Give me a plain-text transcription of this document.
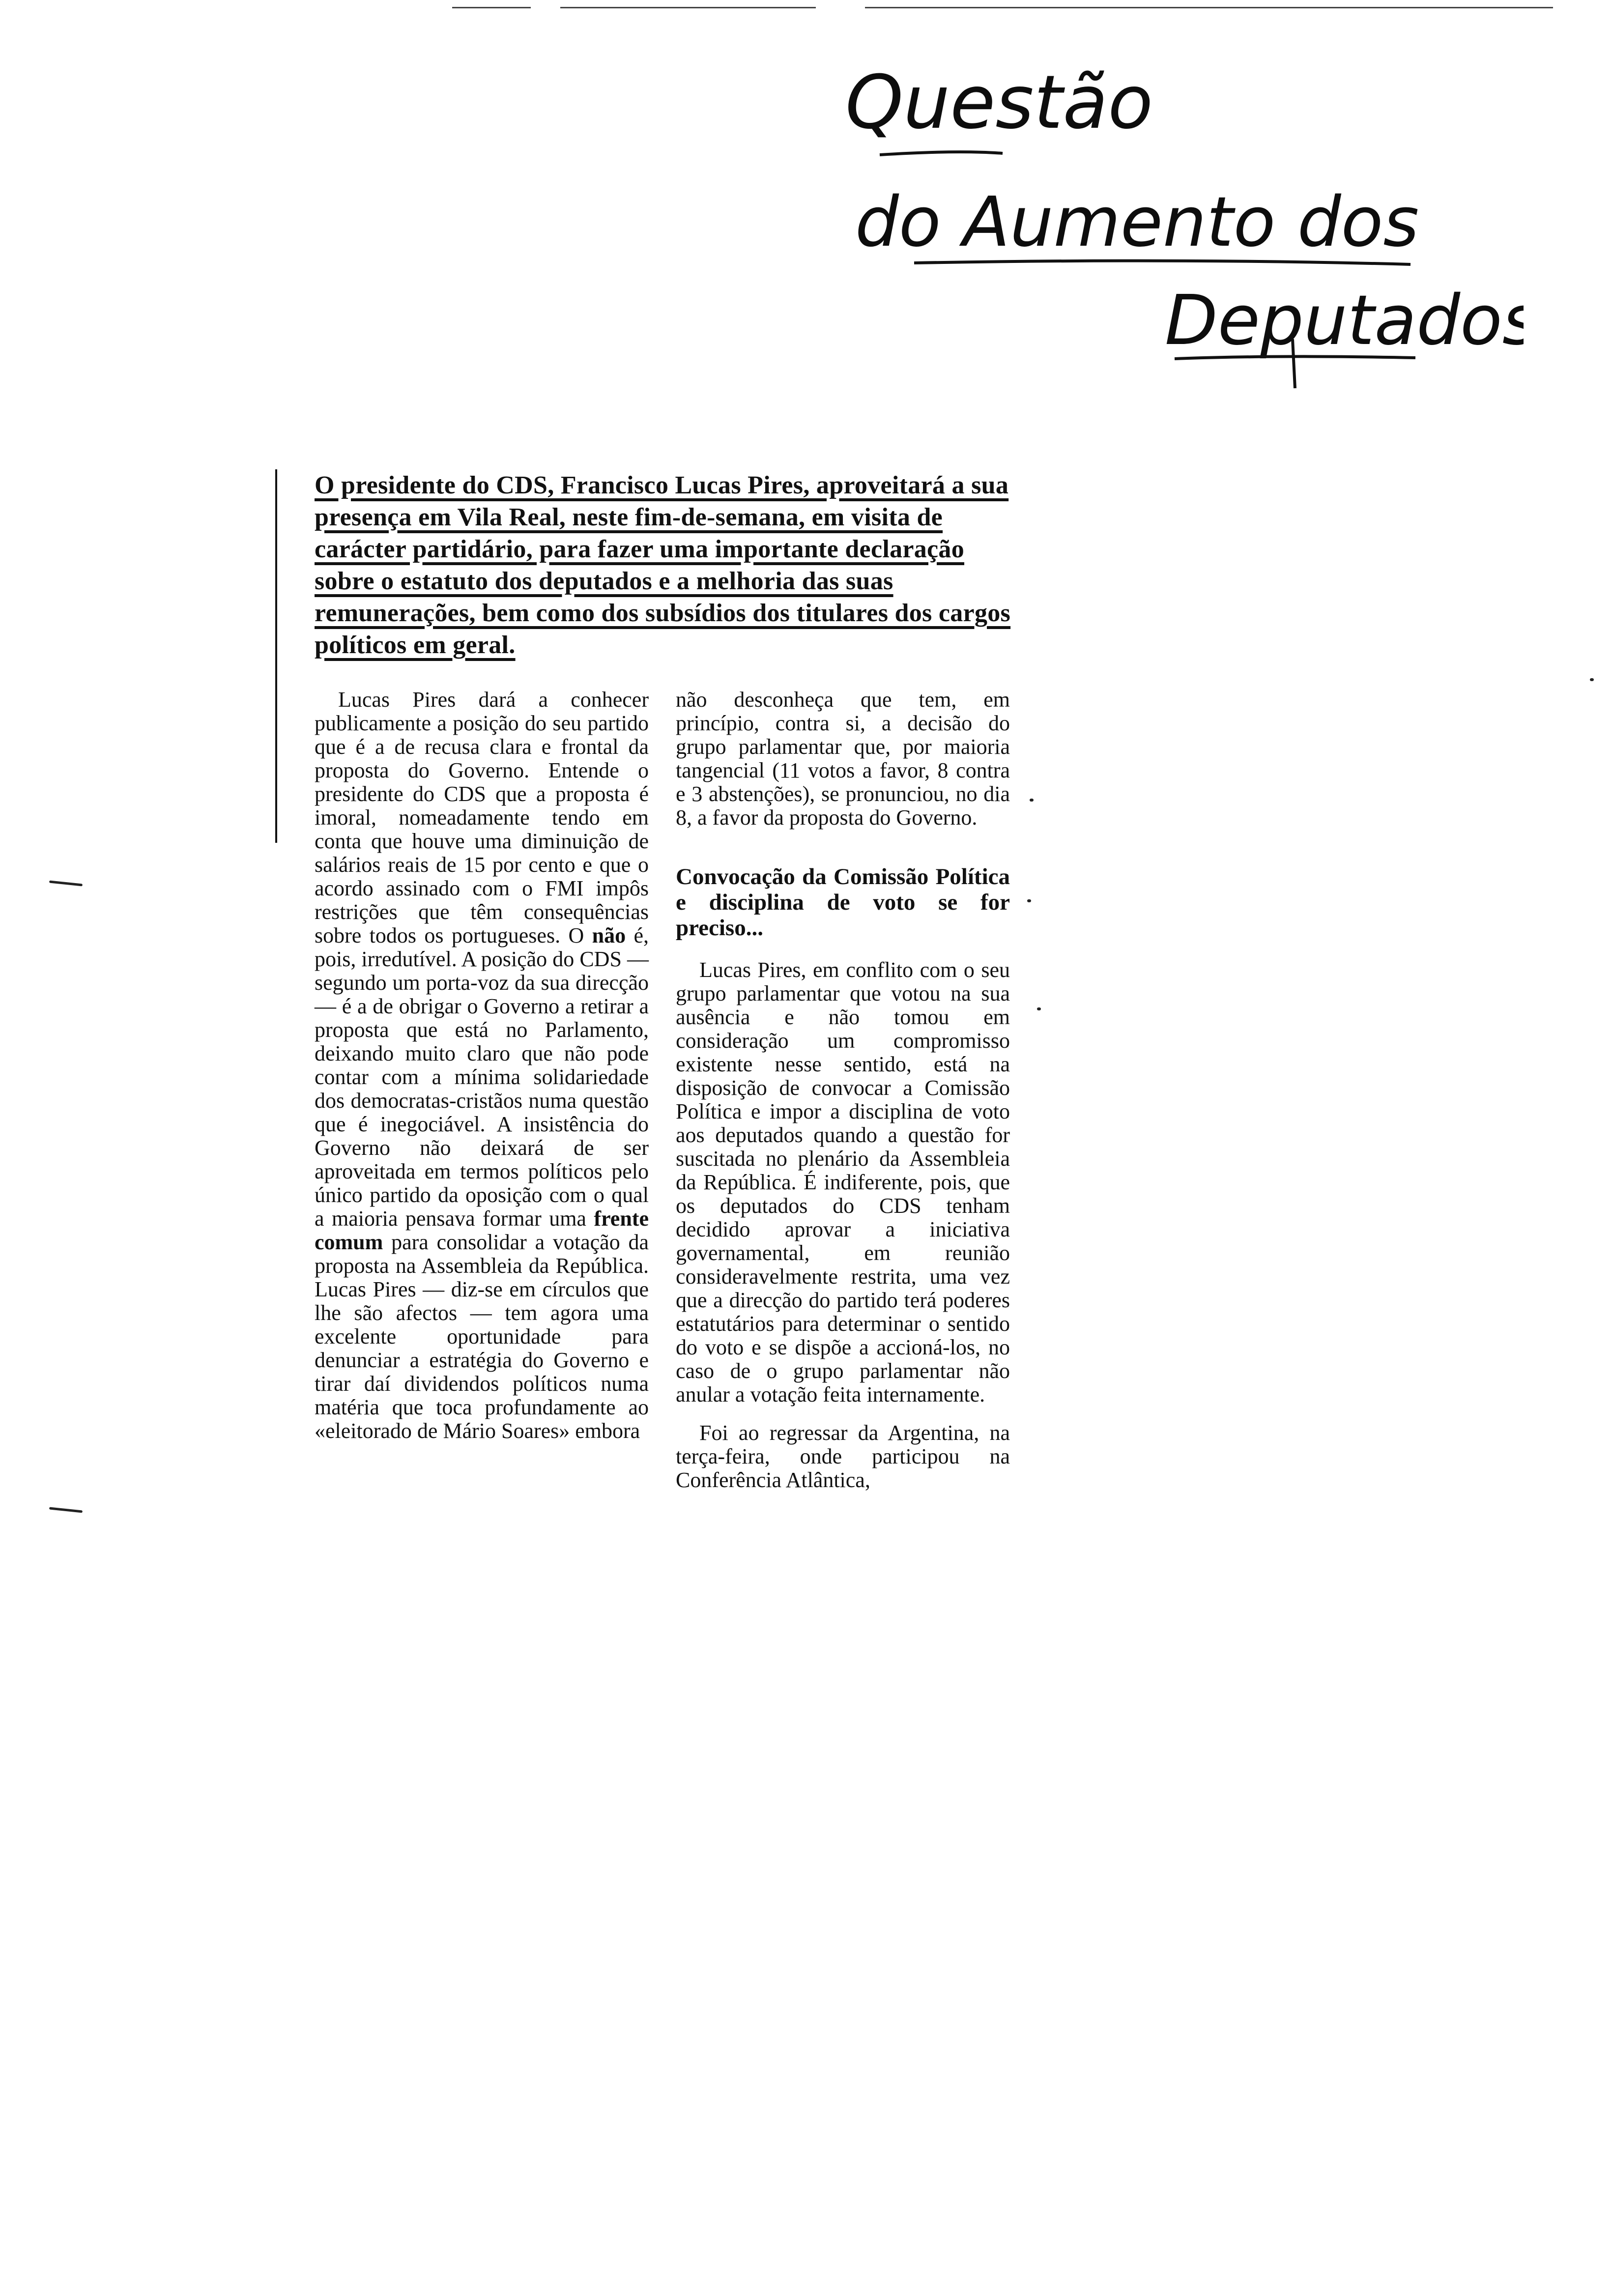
Questão
do Aumento dos
Deputados

O presidente do CDS, Francisco Lucas Pires, aproveitará a sua presença em Vila Real, neste fim-de-semana, em visita de carácter partidário, para fazer uma importante declaração sobre o estatuto dos deputados e a melhoria das suas remunerações, bem como dos subsídios dos titulares dos cargos políticos em geral.

Lucas Pires dará a conhecer publicamente a posição do seu partido que é a de recusa clara e frontal da proposta do Governo. Entende o presidente do CDS que a proposta é imoral, nomeadamente tendo em conta que houve uma diminuição de salários reais de 15 por cento e que o acordo assinado com o FMI impôs restrições que têm consequências sobre todos os portugueses. O não é, pois, irredutível. A posição do CDS — segundo um porta-voz da sua direcção — é a de obrigar o Governo a retirar a proposta que está no Parlamento, deixando muito claro que não pode contar com a mínima solidariedade dos democratas-cristãos numa questão que é inegociável. A insistência do Governo não deixará de ser aproveitada em termos políticos pelo único partido da oposição com o qual a maioria pensava formar uma frente comum para consolidar a votação da proposta na Assembleia da República. Lucas Pires — diz-se em círculos que lhe são afectos — tem agora uma excelente oportunidade para denunciar a estratégia do Governo e tirar daí dividendos políticos numa matéria que toca profundamente ao «eleitorado de Mário Soares» embora

não desconheça que tem, em princípio, contra si, a decisão do grupo parlamentar que, por maioria tangencial (11 votos a favor, 8 contra e 3 abstenções), se pronunciou, no dia 8, a favor da proposta do Governo.

Convocação da Comissão Política e disciplina de voto se for preciso...

Lucas Pires, em conflito com o seu grupo parlamentar que votou na sua ausência e não tomou em consideração um compromisso existente nesse sentido, está na disposição de convocar a Comissão Política e impor a disciplina de voto aos deputados quando a questão for suscitada no plenário da Assembleia da República. É indiferente, pois, que os deputados do CDS tenham decidido aprovar a iniciativa governamental, em reunião consideravelmente restrita, uma vez que a direcção do partido terá poderes estatutários para determinar o sentido do voto e se dispõe a accioná-los, no caso de o grupo parlamentar não anular a votação feita internamente.

Foi ao regressar da Argentina, na terça-feira, onde participou na Conferência Atlântica,
